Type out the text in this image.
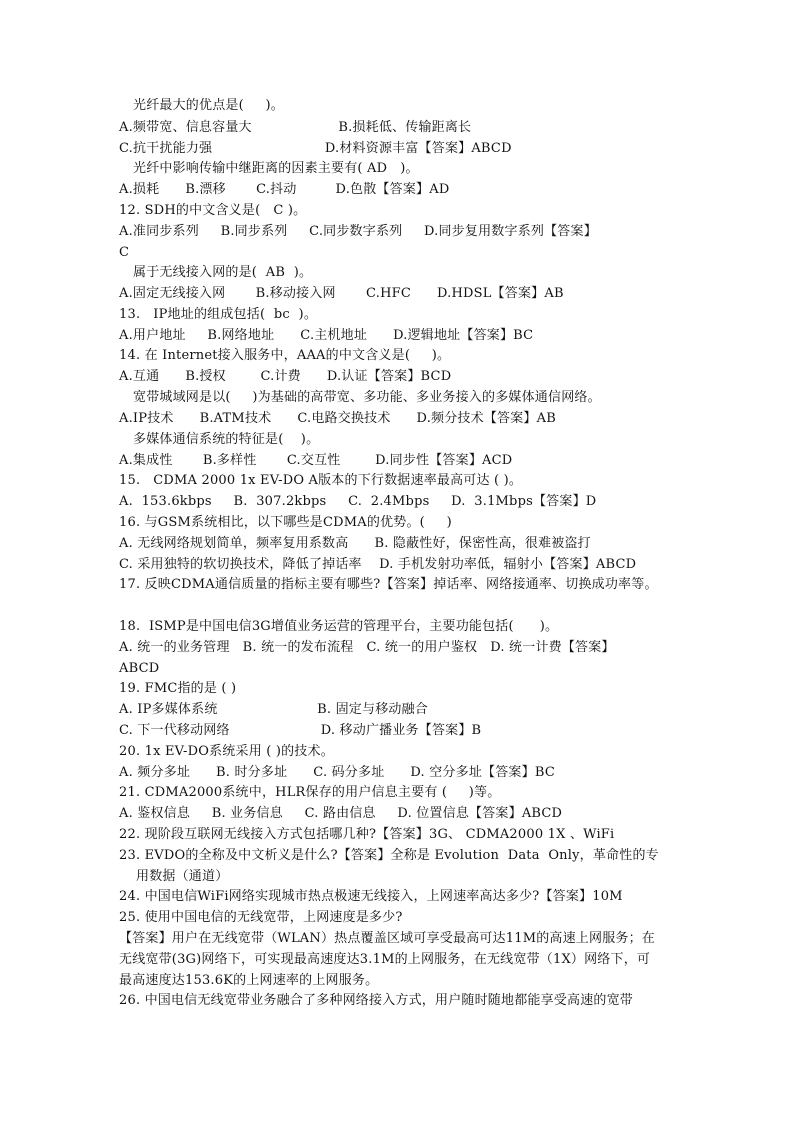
光纤最大的优点是(     )。
A.频带宽、信息容量大                    B.损耗低、传输距离长
C.抗干扰能力强                          D.材料资源丰富【答案】ABCD
光纤中影响传输中继距离的因素主要有( AD   )。
A.损耗      B.漂移       C.抖动         D.色散【答案】AD
12. SDH的中文含义是(   C )。
A.准同步系列     B.同步系列     C.同步数字系列     D.同步复用数字系列【答案】
C
属于无线接入网的是(  AB  )。
A.固定无线接入网       B.移动接入网       C.HFC      D.HDSL【答案】AB
13.   IP地址的组成包括(  bc  )。
A.用户地址     B.网络地址      C.主机地址      D.逻辑地址【答案】BC
14. 在 Internet接入服务中，AAA的中文含义是(     )。
A.互通      B.授权        C.计费      D.认证【答案】BCD
宽带城域网是以(     )为基础的高带宽、多功能、多业务接入的多媒体通信网络。
A.IP技术      B.ATM技术      C.电路交换技术      D.频分技术【答案】AB
多媒体通信系统的特征是(    )。
A.集成性       B.多样性       C.交互性        D.同步性【答案】ACD
15.   CDMA 2000 1x EV-DO A版本的下行数据速率最高可达 ( )。
A.  153.6kbps     B.  307.2kbps     C.  2.4Mbps     D.  3.1Mbps【答案】D
16. 与GSM系统相比，以下哪些是CDMA的优势。(     )
A. 无线网络规划简单，频率复用系数高      B. 隐蔽性好，保密性高，很难被盗打
C. 采用独特的软切换技术，降低了掉话率    D. 手机发射功率低，辐射小【答案】ABCD
17. 反映CDMA通信质量的指标主要有哪些?【答案】掉话率、网络接通率、切换成功率等。
18.  ISMP是中国电信3G增值业务运营的管理平台，主要功能包括(      )。
A. 统一的业务管理   B. 统一的发布流程   C. 统一的用户鉴权   D. 统一计费【答案】
ABCD
19. FMC指的是 ( )
A. IP多媒体系统                       B. 固定与移动融合
C. 下一代移动网络                     D. 移动广播业务【答案】B
20. 1x EV-DO系统采用 ( )的技术。
A. 频分多址      B. 时分多址      C. 码分多址      D. 空分多址【答案】BC
21. CDMA2000系统中，HLR保存的用户信息主要有 (     )等。
A. 鉴权信息     B. 业务信息     C. 路由信息     D. 位置信息【答案】ABCD
22. 现阶段互联网无线接入方式包括哪几种?【答案】3G、 CDMA2000 1X 、WiFi
23. EVDO的全称及中文析义是什么?【答案】全称是 Evolution  Data  Only，革命性的专
用数据（通道）
24. 中国电信WiFi网络实现城市热点极速无线接入，上网速率高达多少?【答案】10M
25. 使用中国电信的无线宽带，上网速度是多少?
【答案】用户在无线宽带（WLAN）热点覆盖区域可享受最高可达11M的高速上网服务；在
无线宽带(3G)网络下，可实现最高速度达3.1M的上网服务，在无线宽带（1X）网络下，可
最高速度达153.6K的上网速率的上网服务。
26. 中国电信无线宽带业务融合了多种网络接入方式，用户随时随地都能享受高速的宽带
